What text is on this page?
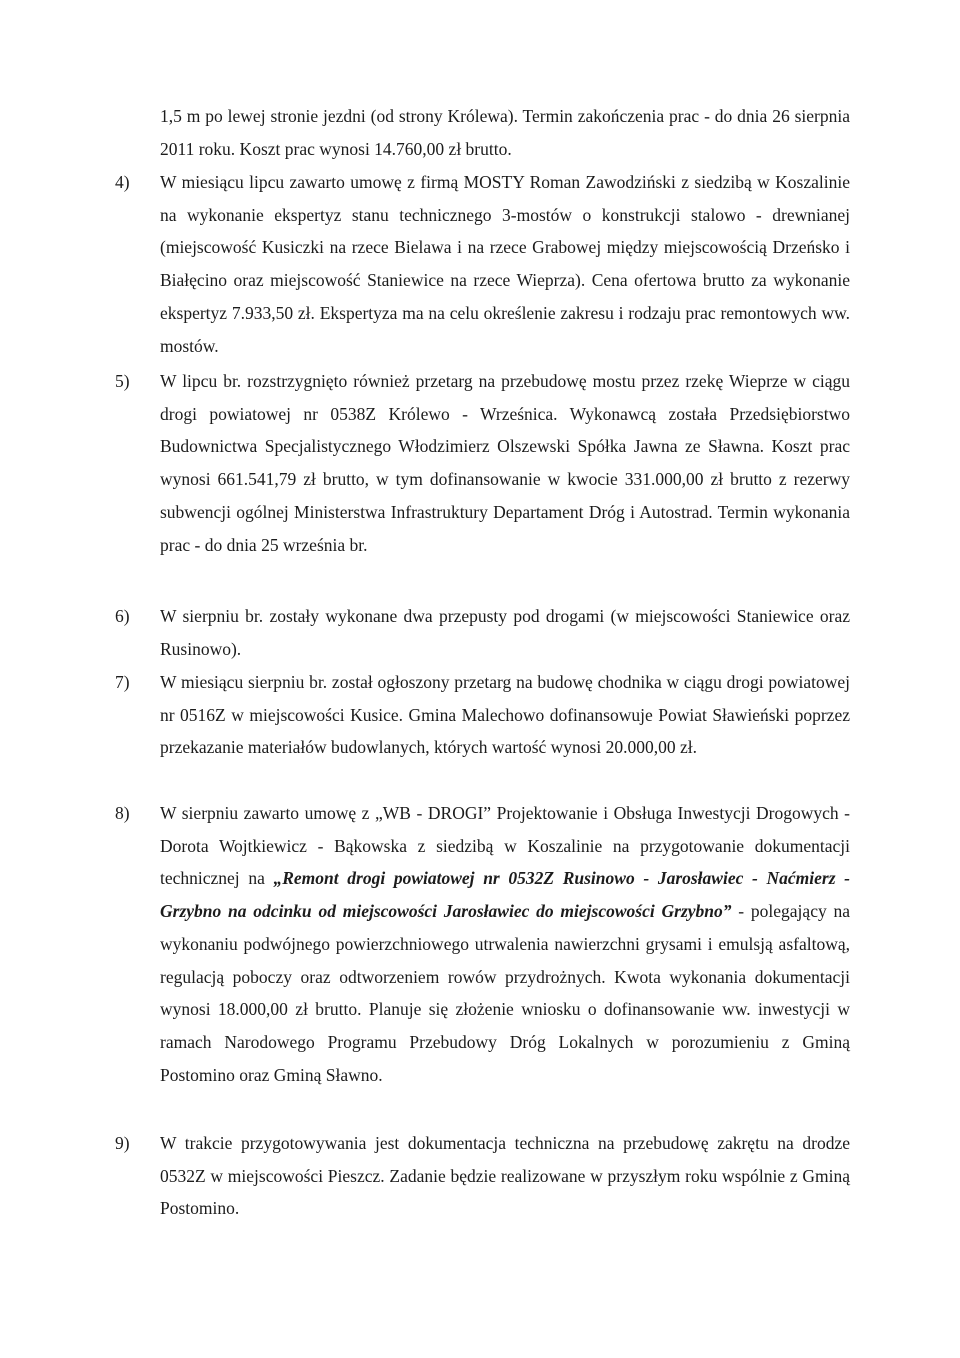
1,5 m po lewej stronie jezdni (od strony Królewa). Termin zakończenia prac - do dnia 26 sierpnia 2011 roku. Koszt prac wynosi 14.760,00 zł brutto.

4) W miesiącu lipcu zawarto umowę z firmą MOSTY Roman Zawodziński z siedzibą w Koszalinie na wykonanie ekspertyz stanu technicznego 3-mostów o konstrukcji stalowo - drewnianej (miejscowość Kusiczki na rzece Bielawa i na rzece Grabowej między miejscowością Drzeńsko i Białęcino oraz miejscowość Staniewice na rzece Wieprza). Cena ofertowa brutto za wykonanie ekspertyz 7.933,50 zł. Ekspertyza ma na celu określenie zakresu i rodzaju prac remontowych ww. mostów.

5) W lipcu br. rozstrzygnięto również przetarg na przebudowę mostu przez rzekę Wieprze w ciągu drogi powiatowej nr 0538Z Królewo - Wrześnica. Wykonawcą została Przedsiębiorstwo Budownictwa Specjalistycznego Włodzimierz Olszewski Spółka Jawna ze Sławna. Koszt prac wynosi 661.541,79 zł brutto, w tym dofinansowanie w kwocie 331.000,00 zł brutto z rezerwy subwencji ogólnej Ministerstwa Infrastruktury Departament Dróg i Autostrad. Termin wykonania prac - do dnia 25 września br.

6) W sierpniu br. zostały wykonane dwa przepusty pod drogami (w miejscowości Staniewice oraz Rusinowo).

7) W miesiącu sierpniu br. został ogłoszony przetarg na budowę chodnika w ciągu drogi powiatowej nr 0516Z w miejscowości Kusice. Gmina Malechowo dofinansowuje Powiat Sławieński poprzez przekazanie materiałów budowlanych, których wartość wynosi 20.000,00 zł.

8) W sierpniu zawarto umowę z „WB - DROGI” Projektowanie i Obsługa Inwestycji Drogowych - Dorota Wojtkiewicz - Bąkowska z siedzibą w Koszalinie na przygotowanie dokumentacji technicznej na „Remont drogi powiatowej nr 0532Z Rusinowo - Jarosławiec - Naćmierz - Grzybno na odcinku od miejscowości Jarosławiec do miejscowości Grzybno” - polegający na wykonaniu podwójnego powierzchniowego utrwalenia nawierzchni grysami i emulsją asfaltową, regulacją poboczy oraz odtworzeniem rowów przydrożnych. Kwota wykonania dokumentacji wynosi 18.000,00 zł brutto. Planuje się złożenie wniosku o dofinansowanie ww. inwestycji w ramach Narodowego Programu Przebudowy Dróg Lokalnych w porozumieniu z Gminą Postomino oraz Gminą Sławno.

9) W trakcie przygotowywania jest dokumentacja techniczna na przebudowę zakrętu na drodze 0532Z w miejscowości Pieszcz. Zadanie będzie realizowane w przyszłym roku wspólnie z Gminą Postomino.
